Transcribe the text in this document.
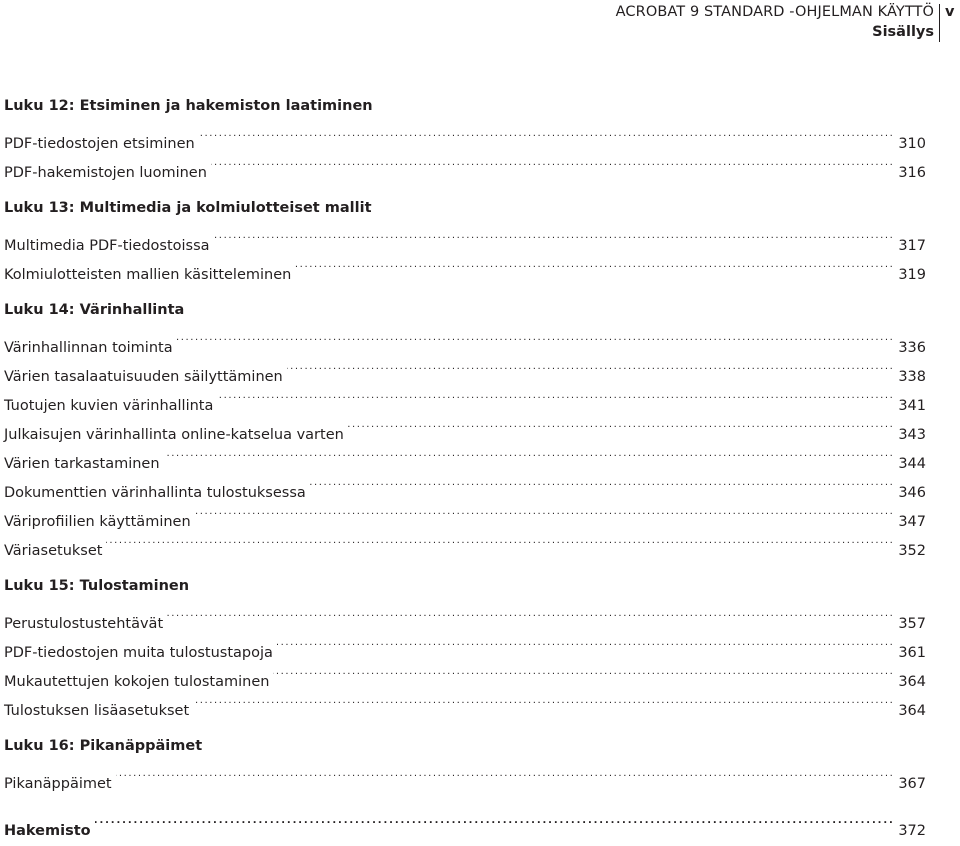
ACROBAT 9 STANDARD -OHJELMAN KÄYTTÖ
Sisällys
v
Luku 12: Etsiminen ja hakemiston laatiminen
PDF-tiedostojen etsiminen . . .	310
PDF-hakemistojen luominen . . .	316
Luku 13: Multimedia ja kolmiulotteiset mallit
Multimedia PDF-tiedostoissa . . .	317
Kolmiulotteisten mallien käsitteleminen . . .	319
Luku 14: Värinhallinta
Värinhallinnan toiminta . . .	336
Värien tasalaatuisuuden säilyttäminen . . .	338
Tuotujen kuvien värinhallinta . . .	341
Julkaisujen värinhallinta online-katselua varten . . .	343
Värien tarkastaminen . . .	344
Dokumenttien värinhallinta tulostuksessa . . .	346
Väriprofiilien käyttäminen . . .	347
Väriasetukset . . .	352
Luku 15: Tulostaminen
Perustulostustehtävät . . .	357
PDF-tiedostojen muita tulostustapoja . . .	361
Mukautettujen kokojen tulostaminen . . .	364
Tulostuksen lisäasetukset . . .	364
Luku 16: Pikanäppäimet
Pikanäppäimet . . .	367
Hakemisto . . .	372
